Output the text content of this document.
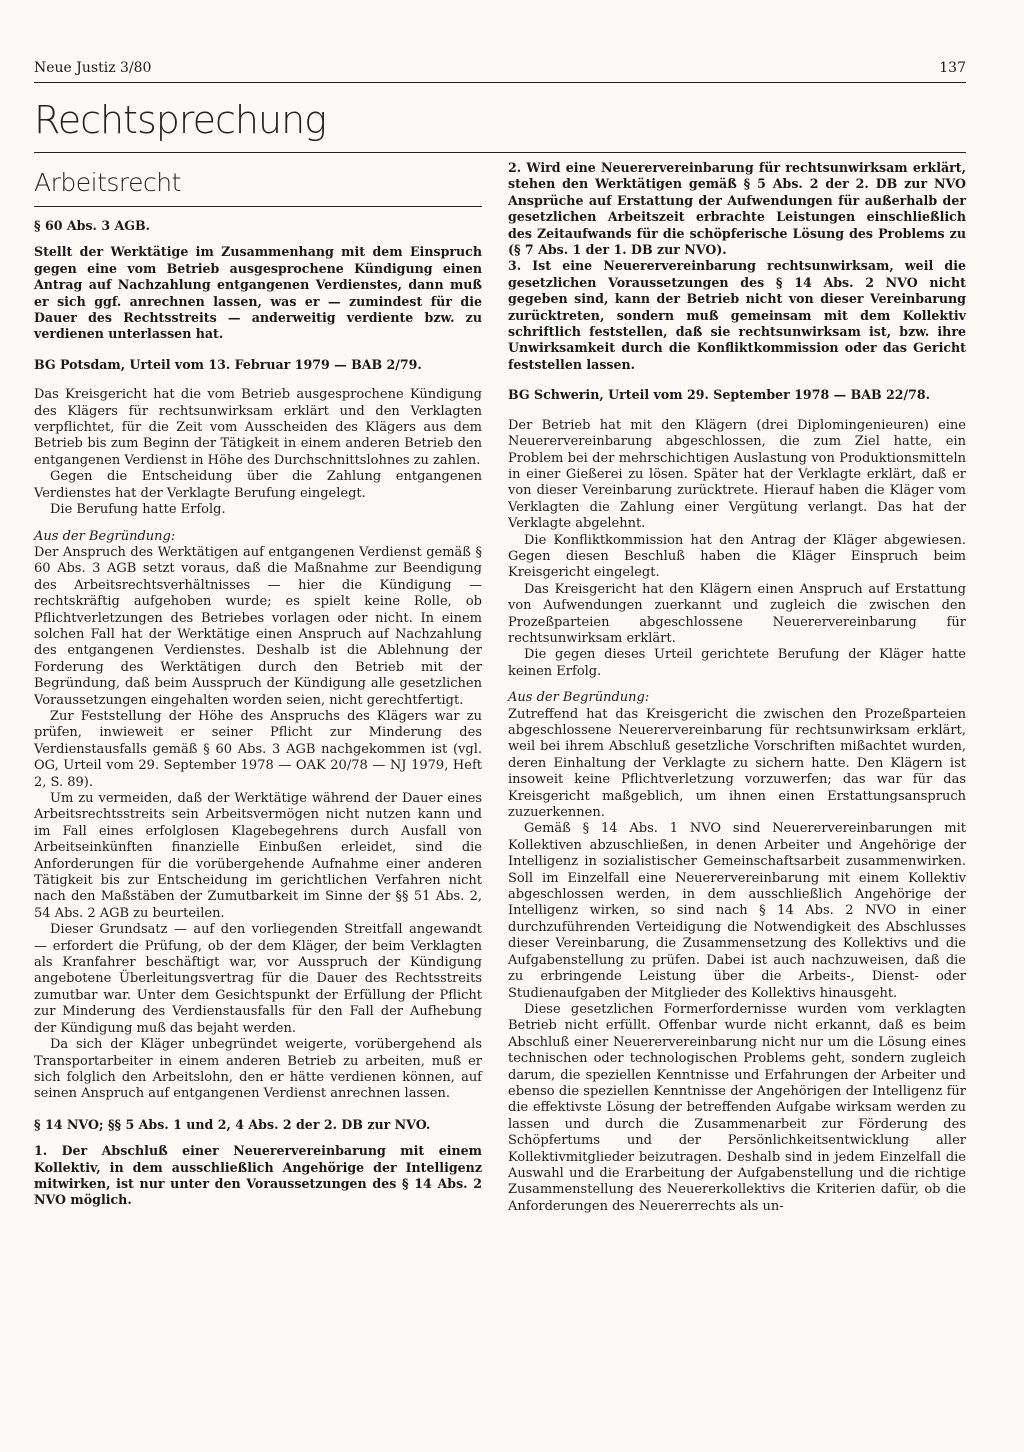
Neue Justiz 3/80	137
Rechtsprechung
Arbeitsrecht

§ 60 Abs. 3 AGB.

Stellt der Werktätige im Zusammenhang mit dem Einspruch gegen eine vom Betrieb ausgesprochene Kündigung einen Antrag auf Nachzahlung entgangenen Verdienstes, dann muß er sich ggf. anrechnen lassen, was er — zumindest für die Dauer des Rechtsstreits — anderweitig verdiente bzw. zu verdienen unterlassen hat.

BG Potsdam, Urteil vom 13. Februar 1979 — BAB 2/79.

Das Kreisgericht hat die vom Betrieb ausgesprochene Kündigung des Klägers für rechtsunwirksam erklärt und den Verklagten verpflichtet, für die Zeit vom Ausscheiden des Klägers aus dem Betrieb bis zum Beginn der Tätigkeit in einem anderen Betrieb den entgangenen Verdienst in Höhe des Durchschnittslohnes zu zahlen.

Gegen die Entscheidung über die Zahlung entgangenen Verdienstes hat der Verklagte Berufung eingelegt.

Die Berufung hatte Erfolg.

Aus der Begründung:

Der Anspruch des Werktätigen auf entgangenen Verdienst gemäß § 60 Abs. 3 AGB setzt voraus, daß die Maßnahme zur Beendigung des Arbeitsrechtsverhältnisses — hier die Kündigung — rechtskräftig aufgehoben wurde; es spielt keine Rolle, ob Pflichtverletzungen des Betriebes vorlagen oder nicht. In einem solchen Fall hat der Werktätige einen Anspruch auf Nachzahlung des entgangenen Verdienstes. Deshalb ist die Ablehnung der Forderung des Werktätigen durch den Betrieb mit der Begründung, daß beim Ausspruch der Kündigung alle gesetzlichen Voraussetzungen eingehalten worden seien, nicht gerechtfertigt.

Zur Feststellung der Höhe des Anspruchs des Klägers war zu prüfen, inwieweit er seiner Pflicht zur Minderung des Verdienstausfalls gemäß § 60 Abs. 3 AGB nachgekommen ist (vgl. OG, Urteil vom 29. September 1978 — OAK 20/78 — NJ 1979, Heft 2, S. 89).

Um zu vermeiden, daß der Werktätige während der Dauer eines Arbeitsrechtsstreits sein Arbeitsvermögen nicht nutzen kann und im Fall eines erfolglosen Klagebegehrens durch Ausfall von Arbeitseinkünften finanzielle Einbußen erleidet, sind die Anforderungen für die vorübergehende Aufnahme einer anderen Tätigkeit bis zur Entscheidung im gerichtlichen Verfahren nicht nach den Maßstäben der Zumutbarkeit im Sinne der §§ 51 Abs. 2, 54 Abs. 2 AGB zu beurteilen.

Dieser Grundsatz — auf den vorliegenden Streitfall angewandt — erfordert die Prüfung, ob der dem Kläger, der beim Verklagten als Kranfahrer beschäftigt war, vor Ausspruch der Kündigung angebotene Überleitungsvertrag für die Dauer des Rechtsstreits zumutbar war. Unter dem Gesichtspunkt der Erfüllung der Pflicht zur Minderung des Verdienstausfalls für den Fall der Aufhebung der Kündigung muß das bejaht werden.

Da sich der Kläger unbegründet weigerte, vorübergehend als Transportarbeiter in einem anderen Betrieb zu arbeiten, muß er sich folglich den Arbeitslohn, den er hätte verdienen können, auf seinen Anspruch auf entgangenen Verdienst anrechnen lassen.

§ 14 NVO; §§ 5 Abs. 1 und 2, 4 Abs. 2 der 2. DB zur NVO.

1. Der Abschluß einer Neuerervereinbarung mit einem Kollektiv, in dem ausschließlich Angehörige der Intelligenz mitwirken, ist nur unter den Voraussetzungen des § 14 Abs. 2 NVO möglich.

2. Wird eine Neuerervereinbarung für rechtsunwirksam erklärt, stehen den Werktätigen gemäß § 5 Abs. 2 der 2. DB zur NVO Ansprüche auf Erstattung der Aufwendungen für außerhalb der gesetzlichen Arbeitszeit erbrachte Leistungen einschließlich des Zeitaufwands für die schöpferische Lösung des Problems zu (§ 7 Abs. 1 der 1. DB zur NVO).

3. Ist eine Neuerervereinbarung rechtsunwirksam, weil die gesetzlichen Voraussetzungen des § 14 Abs. 2 NVO nicht gegeben sind, kann der Betrieb nicht von dieser Vereinbarung zurücktreten, sondern muß gemeinsam mit dem Kollektiv schriftlich feststellen, daß sie rechtsunwirksam ist, bzw. ihre Unwirksamkeit durch die Konfliktkommission oder das Gericht feststellen lassen.

BG Schwerin, Urteil vom 29. September 1978 — BAB 22/78.

Der Betrieb hat mit den Klägern (drei Diplomingenieuren) eine Neuerervereinbarung abgeschlossen, die zum Ziel hatte, ein Problem bei der mehrschichtigen Auslastung von Produktionsmitteln in einer Gießerei zu lösen. Später hat der Verklagte erklärt, daß er von dieser Vereinbarung zurücktrete. Hierauf haben die Kläger vom Verklagten die Zahlung einer Vergütung verlangt. Das hat der Verklagte abgelehnt.

Die Konfliktkommission hat den Antrag der Kläger abgewiesen. Gegen diesen Beschluß haben die Kläger Einspruch beim Kreisgericht eingelegt.

Das Kreisgericht hat den Klägern einen Anspruch auf Erstattung von Aufwendungen zuerkannt und zugleich die zwischen den Prozeßparteien abgeschlossene Neuerervereinbarung für rechtsunwirksam erklärt.

Die gegen dieses Urteil gerichtete Berufung der Kläger hatte keinen Erfolg.

Aus der Begründung:

Zutreffend hat das Kreisgericht die zwischen den Prozeßparteien abgeschlossene Neuerervereinbarung für rechtsunwirksam erklärt, weil bei ihrem Abschluß gesetzliche Vorschriften mißachtet wurden, deren Einhaltung der Verklagte zu sichern hatte. Den Klägern ist insoweit keine Pflichtverletzung vorzuwerfen; das war für das Kreisgericht maßgeblich, um ihnen einen Erstattungsanspruch zuzuerkennen.

Gemäß § 14 Abs. 1 NVO sind Neuerervereinbarungen mit Kollektiven abzuschließen, in denen Arbeiter und Angehörige der Intelligenz in sozialistischer Gemeinschaftsarbeit zusammenwirken. Soll im Einzelfall eine Neuerervereinbarung mit einem Kollektiv abgeschlossen werden, in dem ausschließlich Angehörige der Intelligenz wirken, so sind nach § 14 Abs. 2 NVO in einer durchzuführenden Verteidigung die Notwendigkeit des Abschlusses dieser Vereinbarung, die Zusammensetzung des Kollektivs und die Aufgabenstellung zu prüfen. Dabei ist auch nachzuweisen, daß die zu erbringende Leistung über die Arbeits-, Dienst- oder Studienaufgaben der Mitglieder des Kollektivs hinausgeht.

Diese gesetzlichen Formerfordernisse wurden vom verklagten Betrieb nicht erfüllt. Offenbar wurde nicht erkannt, daß es beim Abschluß einer Neuerervereinbarung nicht nur um die Lösung eines technischen oder technologischen Problems geht, sondern zugleich darum, die speziellen Kenntnisse und Erfahrungen der Arbeiter und ebenso die speziellen Kenntnisse der Angehörigen der Intelligenz für die effektivste Lösung der betreffenden Aufgabe wirksam werden zu lassen und durch die Zusammenarbeit zur Förderung des Schöpfertums und der Persönlichkeitsentwicklung aller Kollektivmitglieder beizutragen. Deshalb sind in jedem Einzelfall die Auswahl und die Erarbeitung der Aufgabenstellung und die richtige Zusammenstellung des Neuererkollektivs die Kriterien dafür, ob die Anforderungen des Neuererrechts als un-
